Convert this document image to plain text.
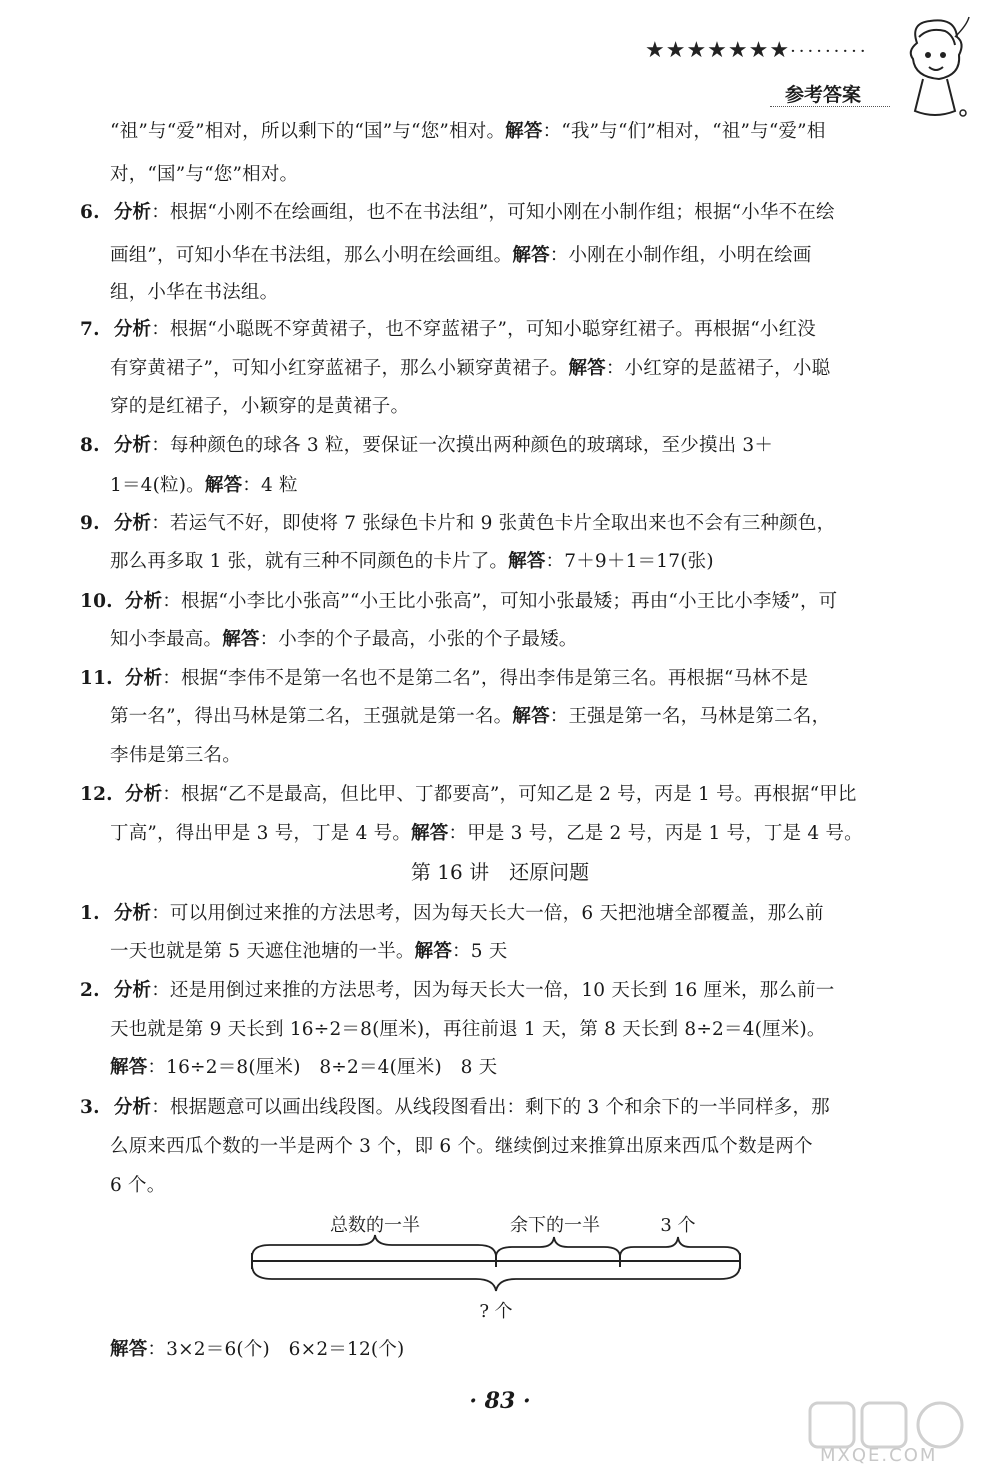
★★★★★★★·········
参考答案
“祖”与“爱”相对，所以剩下的“国”与“您”相对。解答：“我”与“们”相对，“祖”与“爱”相
对，“国”与“您”相对。
6. 分析：根据“小刚不在绘画组，也不在书法组”，可知小刚在小制作组；根据“小华不在绘
画组”，可知小华在书法组，那么小明在绘画组。解答：小刚在小制作组，小明在绘画
组，小华在书法组。
7. 分析：根据“小聪既不穿黄裙子，也不穿蓝裙子”，可知小聪穿红裙子。再根据“小红没
有穿黄裙子”，可知小红穿蓝裙子，那么小颖穿黄裙子。解答：小红穿的是蓝裙子，小聪
穿的是红裙子，小颖穿的是黄裙子。
8. 分析：每种颜色的球各 3 粒，要保证一次摸出两种颜色的玻璃球，至少摸出 3＋
1＝4(粒)。解答：4 粒
9. 分析：若运气不好，即使将 7 张绿色卡片和 9 张黄色卡片全取出来也不会有三种颜色，
那么再多取 1 张，就有三种不同颜色的卡片了。解答：7＋9＋1＝17(张)
10. 分析：根据“小李比小张高”“小王比小张高”，可知小张最矮；再由“小王比小李矮”，可
知小李最高。解答：小李的个子最高，小张的个子最矮。
11. 分析：根据“李伟不是第一名也不是第二名”，得出李伟是第三名。再根据“马林不是
第一名”，得出马林是第二名，王强就是第一名。解答：王强是第一名，马林是第二名，
李伟是第三名。
12. 分析：根据“乙不是最高，但比甲、丁都要高”，可知乙是 2 号，丙是 1 号。再根据“甲比
丁高”，得出甲是 3 号，丁是 4 号。解答：甲是 3 号，乙是 2 号，丙是 1 号，丁是 4 号。
第 16 讲　还原问题
1. 分析：可以用倒过来推的方法思考，因为每天长大一倍，6 天把池塘全部覆盖，那么前
一天也就是第 5 天遮住池塘的一半。解答：5 天
2. 分析：还是用倒过来推的方法思考，因为每天长大一倍，10 天长到 16 厘米，那么前一
天也就是第 9 天长到 16÷2＝8(厘米)，再往前退 1 天，第 8 天长到 8÷2＝4(厘米)。
解答：16÷2＝8(厘米)　8÷2＝4(厘米)　8 天
3. 分析：根据题意可以画出线段图。从线段图看出：剩下的 3 个和余下的一半同样多，那
么原来西瓜个数的一半是两个 3 个，即 6 个。继续倒过来推算出原来西瓜个数是两个
6 个。
总数的一半	余下的一半	3 个
? 个
解答：3×2＝6(个)　6×2＝12(个)
· 83 ·
MXQE.COM
